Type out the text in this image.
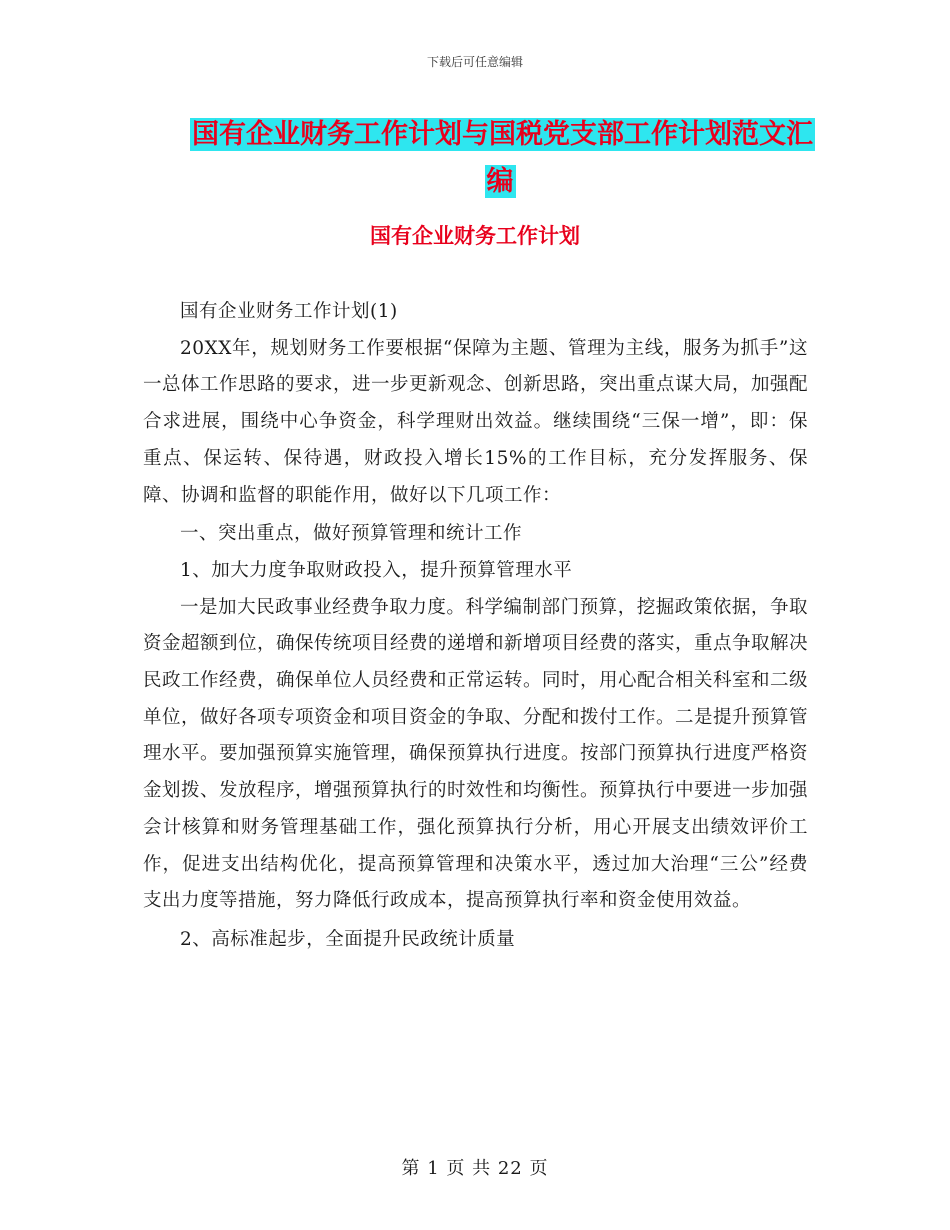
下载后可任意编辑
国有企业财务工作计划与国税党支部工作计划范文汇
编
国有企业财务工作计划

国有企业财务工作计划(1)

20XX年，规划财务工作要根据“保障为主题、管理为主线，服务为抓手”这一总体工作思路的要求，进一步更新观念、创新思路，突出重点谋大局，加强配合求进展，围绕中心争资金，科学理财出效益。继续围绕“三保一增”，即：保重点、保运转、保待遇，财政投入增长15%的工作目标，充分发挥服务、保障、协调和监督的职能作用，做好以下几项工作：

一、突出重点，做好预算管理和统计工作

1、加大力度争取财政投入，提升预算管理水平

一是加大民政事业经费争取力度。科学编制部门预算，挖掘政策依据，争取资金超额到位，确保传统项目经费的递增和新增项目经费的落实，重点争取解决民政工作经费，确保单位人员经费和正常运转。同时，用心配合相关科室和二级单位，做好各项专项资金和项目资金的争取、分配和拨付工作。二是提升预算管理水平。要加强预算实施管理，确保预算执行进度。按部门预算执行进度严格资金划拨、发放程序，增强预算执行的时效性和均衡性。预算执行中要进一步加强会计核算和财务管理基础工作，强化预算执行分析，用心开展支出绩效评价工作，促进支出结构优化，提高预算管理和决策水平，透过加大治理“三公”经费支出力度等措施，努力降低行政成本，提高预算执行率和资金使用效益。

2、高标准起步，全面提升民政统计质量

第 1 页 共 22 页
